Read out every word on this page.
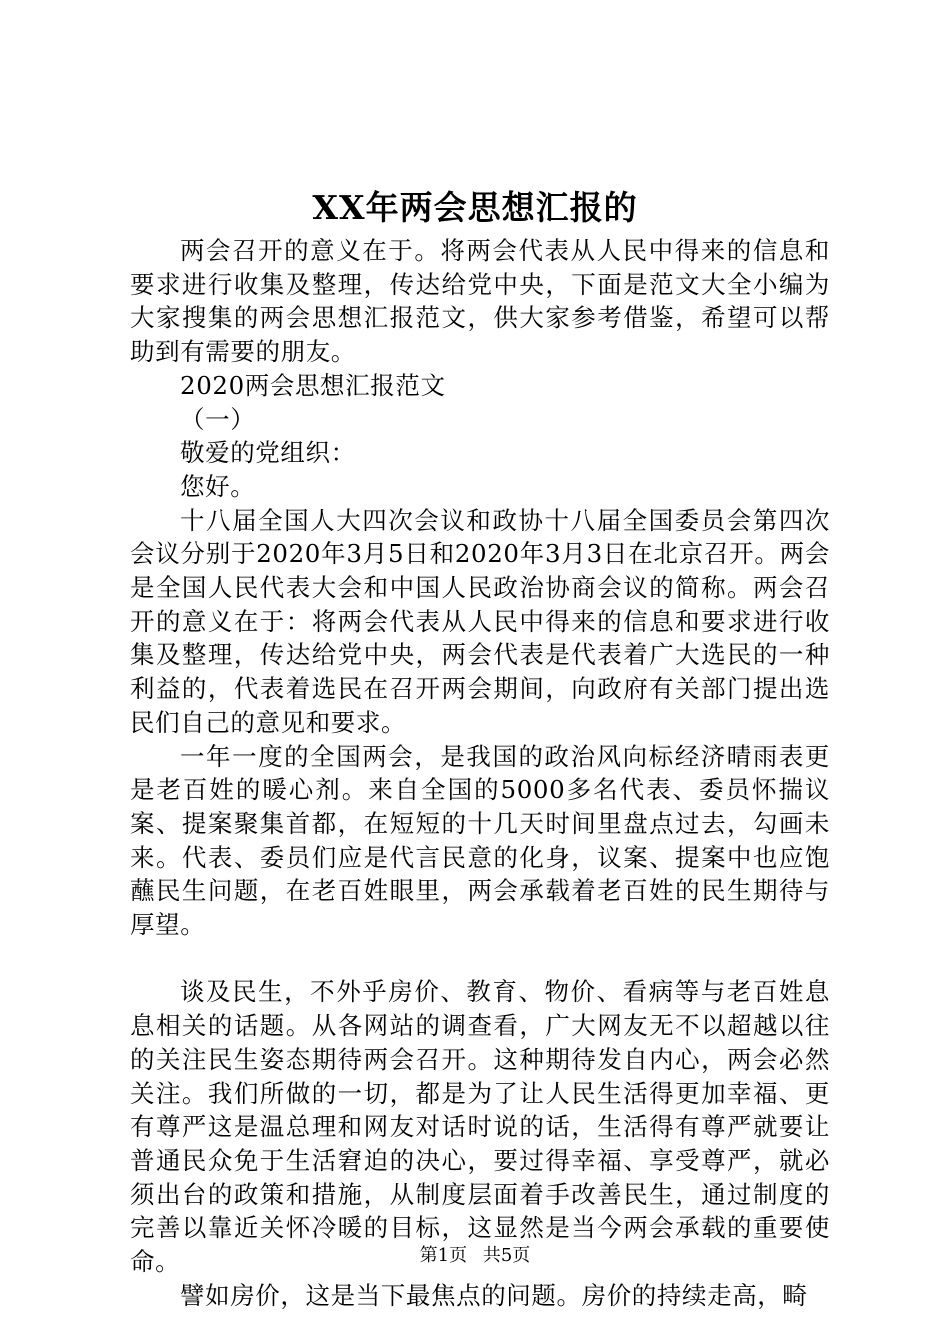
XX年两会思想汇报的

两会召开的意义在于。将两会代表从人民中得来的信息和要求进行收集及整理，传达给党中央，下面是范文大全小编为大家搜集的两会思想汇报范文，供大家参考借鉴，希望可以帮助到有需要的朋友。

2020两会思想汇报范文

（一）

敬爱的党组织：

您好。

十八届全国人大四次会议和政协十八届全国委员会第四次会议分别于2020年3月5日和2020年3月3日在北京召开。两会是全国人民代表大会和中国人民政治协商会议的简称。两会召开的意义在于：将两会代表从人民中得来的信息和要求进行收集及整理，传达给党中央，两会代表是代表着广大选民的一种利益的，代表着选民在召开两会期间，向政府有关部门提出选民们自己的意见和要求。

一年一度的全国两会，是我国的政治风向标经济晴雨表更是老百姓的暖心剂。来自全国的5000多名代表、委员怀揣议案、提案聚集首都，在短短的十几天时间里盘点过去，勾画未来。代表、委员们应是代言民意的化身，议案、提案中也应饱蘸民生问题，在老百姓眼里，两会承载着老百姓的民生期待与厚望。

谈及民生，不外乎房价、教育、物价、看病等与老百姓息息相关的话题。从各网站的调查看，广大网友无不以超越以往的关注民生姿态期待两会召开。这种期待发自内心，两会必然关注。我们所做的一切，都是为了让人民生活得更加幸福、更有尊严这是温总理和网友对话时说的话，生活得有尊严就要让普通民众免于生活窘迫的决心，要过得幸福、享受尊严，就必须出台的政策和措施，从制度层面着手改善民生，通过制度的完善以靠近关怀冷暖的目标，这显然是当今两会承载的重要使命。

譬如房价，这是当下最焦点的问题。房价的持续走高，畸

第1页 共5页
